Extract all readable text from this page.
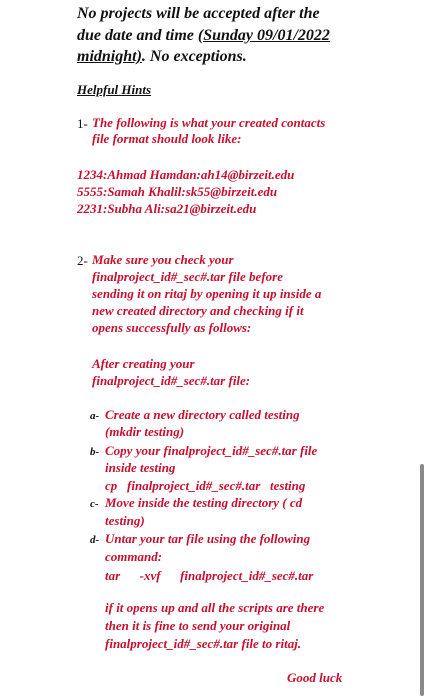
No projects will be accepted after the
due date and time (Sunday 09/01/2022
midnight). No exceptions.
Helpful Hints
1- The following is what your created contacts
file format should look like:
1234:Ahmad Hamdan:ah14@birzeit.edu
5555:Samah Khalil:sk55@birzeit.edu
2231:Subha Ali:sa21@birzeit.edu
2- Make sure you check your
finalproject_id#_sec#.tar file before
sending it on ritaj by opening it up inside a
new created directory and checking if it
opens successfully as follows:
After creating your
finalproject_id#_sec#.tar file:
a- Create a new directory called testing
(mkdir testing)
b- Copy your finalproject_id#_sec#.tar file
inside testing
cp   finalproject_id#_sec#.tar   testing
c- Move inside the testing directory ( cd
testing)
d- Untar your tar file using the following
command:
tar      -xvf      finalproject_id#_sec#.tar
if it opens up and all the scripts are there
then it is fine to send your original
finalproject_id#_sec#.tar file to ritaj.
Good luck
